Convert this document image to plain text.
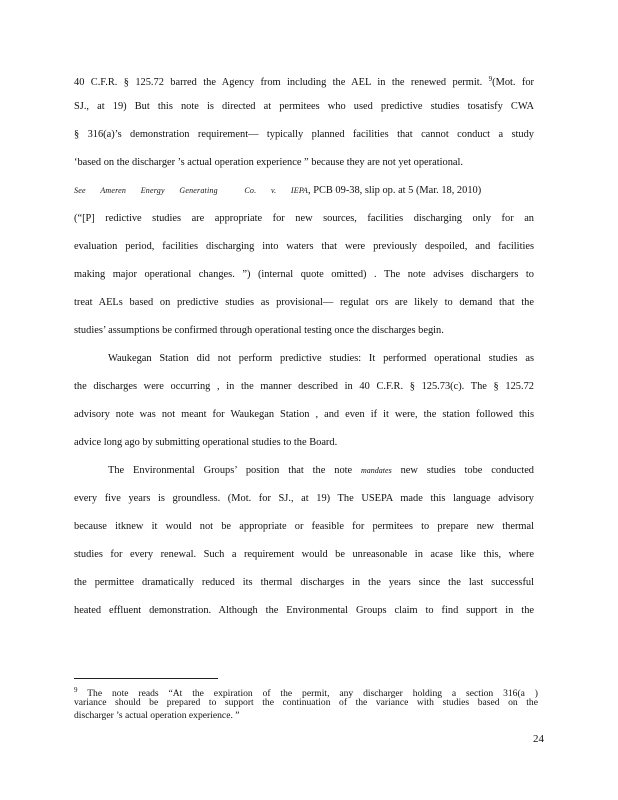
40 C.F.R. § 125.72 barred the Agency from including the AEL in the renewed permit. $^9$(Mot. for
SJ., at 19) But this note is directed at permitees who used predictive studies tosatisfy CWA
§ 316(a)’s demonstration requirement— typically planned facilities that cannot conduct a study
‘based on the discharger ’s actual operation experience ” because they are not yet operational.
See Ameren Energy Generating	Co. v. IEPA, PCB 09-38, slip op. at 5 (Mar. 18, 2010)
(“[P] redictive studies are appropriate for new sources, facilities discharging only for an
evaluation period, facilities discharging into waters that were previously despoiled, and facilities
making major operational changes. ”) (internal quote omitted) . The note advises dischargers to
treat AELs based on predictive studies as provisional— regulat ors are likely to demand that the
studies’ assumptions be confirmed through operational testing once the discharges begin.
Waukegan Station did not perform predictive studies: It performed operational studies as
the discharges were occurring , in the manner described in 40 C.F.R. § 125.73(c). The § 125.72
advisory note was not meant for Waukegan Station , and even if it were, the station followed this
advice long ago by submitting operational studies to the Board.
The Environmental Groups’ position that the note mandates new studies tobe conducted
every five years is groundless. (Mot. for SJ., at 19) The USEPA made this language advisory
because itknew it would not be appropriate or feasible for permitees to prepare new thermal
studies for every renewal. Such a requirement would be unreasonable in acase like this, where
the permittee dramatically reduced its thermal discharges in the years since the last successful
heated effluent demonstration. Although the Environmental Groups claim to find support in the
$^9$ The note reads “At the expiration of the permit, any discharger holding a section 316(a )
variance should be prepared to support the continuation of the variance with studies based on the
discharger ’s actual operation experience. ”
24
